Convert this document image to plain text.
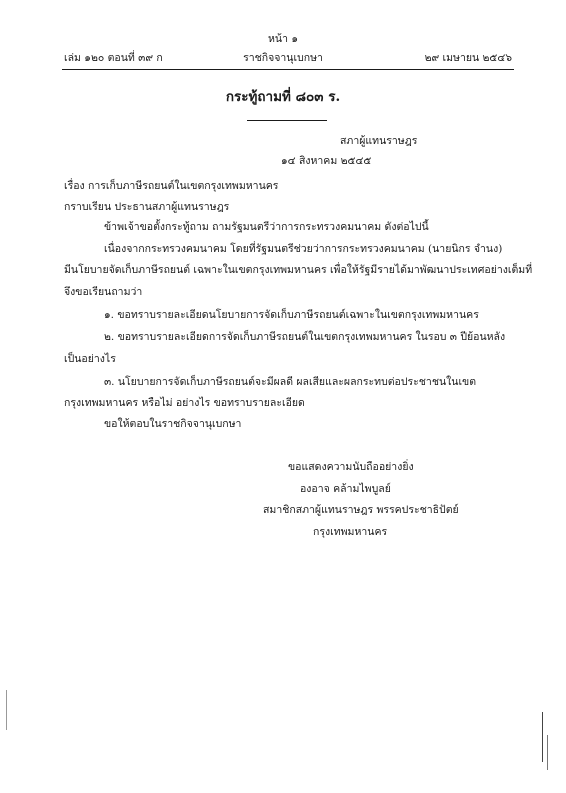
หน้า ๑
เล่ม ๑๒๐ ตอนที่ ๓๙ ก	ราชกิจจานุเบกษา	๒๙ เมษายน ๒๕๔๖
กระทู้ถามที่ ๘๐๓ ร.
สภาผู้แทนราษฎร
๑๔ สิงหาคม ๒๕๔๕
เรื่อง การเก็บภาษีรถยนต์ในเขตกรุงเทพมหานคร
กราบเรียน ประธานสภาผู้แทนราษฎร
ข้าพเจ้าขอตั้งกระทู้ถาม ถามรัฐมนตรีว่าการกระทรวงคมนาคม ดังต่อไปนี้
เนื่องจากกระทรวงคมนาคม โดยที่รัฐมนตรีช่วยว่าการกระทรวงคมนาคม (นายนิกร จำนง)
มีนโยบายจัดเก็บภาษีรถยนต์ เฉพาะในเขตกรุงเทพมหานคร เพื่อให้รัฐมีรายได้มาพัฒนาประเทศอย่างเต็มที่
จึงขอเรียนถามว่า
๑. ขอทราบรายละเอียดนโยบายการจัดเก็บภาษีรถยนต์เฉพาะในเขตกรุงเทพมหานคร
๒. ขอทราบรายละเอียดการจัดเก็บภาษีรถยนต์ในเขตกรุงเทพมหานคร ในรอบ ๓ ปีย้อนหลัง
เป็นอย่างไร
๓. นโยบายการจัดเก็บภาษีรถยนต์จะมีผลดี ผลเสียและผลกระทบต่อประชาชนในเขต
กรุงเทพมหานคร หรือไม่ อย่างไร ขอทราบรายละเอียด
ขอให้ตอบในราชกิจจานุเบกษา
ขอแสดงความนับถืออย่างยิ่ง
องอาจ คล้ามไพบูลย์
สมาชิกสภาผู้แทนราษฎร พรรคประชาธิปัตย์
กรุงเทพมหานคร
